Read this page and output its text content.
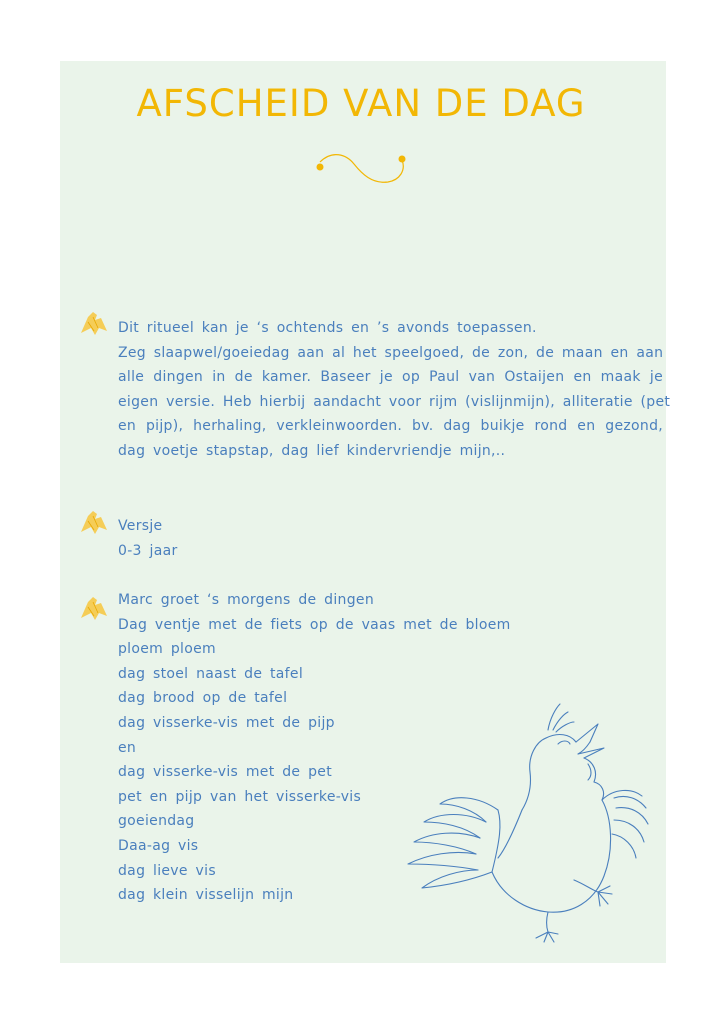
AFSCHEID VAN DE DAG
Dit ritueel kan je ‘s ochtends en ’s avonds toepassen.
Zeg slaapwel/goeiedag aan al het speelgoed, de zon, de maan en aan
alle dingen in de kamer. Baseer je op Paul van Ostaijen en maak je
eigen versie. Heb hierbij aandacht voor rijm (vislijnmijn), alliteratie (pet
en pijp), herhaling, verkleinwoorden. bv. dag buikje rond en gezond,
dag voetje stapstap, dag lief kindervriendje mijn,..
Versje
0-3 jaar
Marc groet ‘s morgens de dingen
Dag ventje met de fiets op de vaas met de bloem
ploem ploem
dag stoel naast de tafel
dag brood op de tafel
dag visserke-vis met de pijp
en
dag visserke-vis met de pet
pet en pijp van het visserke-vis
goeiendag
Daa-ag vis
dag lieve vis
dag klein visselijn mijn
